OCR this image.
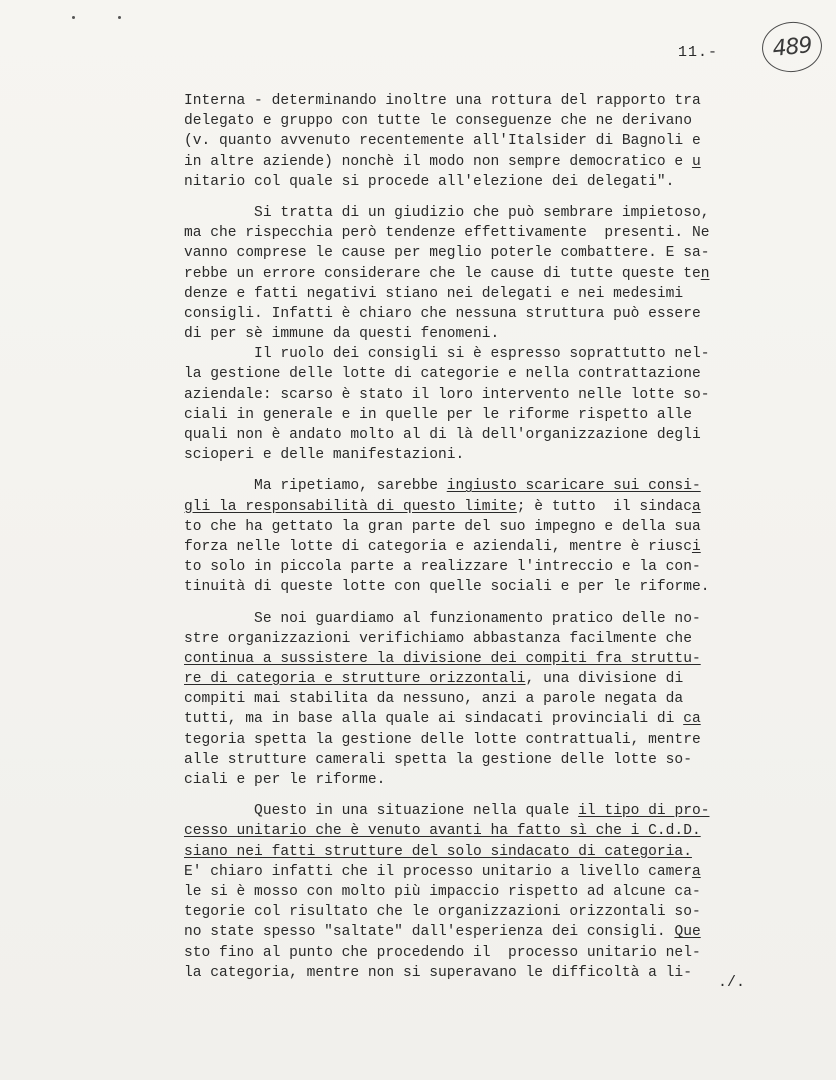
11.- 489
Interna - determinando inoltre una rottura del rapporto tra
delegato e gruppo con tutte le conseguenze che ne derivano
(v. quanto avvenuto recentemente all'Italsider di Bagnoli e
in altre aziende) nonchè il modo non sempre democratico e u
nitario col quale si procede all'elezione dei delegati".
Si tratta di un giudizio che può sembrare impietoso,
ma che rispecchia però tendenze effettivamente  presenti. Ne
vanno comprese le cause per meglio poterle combattere. E sa-
rebbe un errore considerare che le cause di tutte queste ten
denze e fatti negativi stiano nei delegati e nei medesimi
consigli. Infatti è chiaro che nessuna struttura può essere
di per sè immune da questi fenomeni.
Il ruolo dei consigli si è espresso soprattutto nel-
la gestione delle lotte di categorie e nella contrattazione
aziendale: scarso è stato il loro intervento nelle lotte so-
ciali in generale e in quelle per le riforme rispetto alle
quali non è andato molto al di là dell'organizzazione degli
scioperi e delle manifestazioni.
Ma ripetiamo, sarebbe ingiusto scaricare sui consi-
gli la responsabilità di questo limite; è tutto  il sindaca
to che ha gettato la gran parte del suo impegno e della sua
forza nelle lotte di categoria e aziendali, mentre è riusci
to solo in piccola parte a realizzare l'intreccio e la con-
tinuità di queste lotte con quelle sociali e per le riforme.
Se noi guardiamo al funzionamento pratico delle no-
stre organizzazioni verifichiamo abbastanza facilmente che
continua a sussistere la divisione dei compiti fra struttu-
re di categoria e strutture orizzontali, una divisione di
compiti mai stabilita da nessuno, anzi a parole negata da
tutti, ma in base alla quale ai sindacati provinciali di ca
tegoria spetta la gestione delle lotte contrattuali, mentre
alle strutture camerali spetta la gestione delle lotte so-
ciali e per le riforme.
Questo in una situazione nella quale il tipo di pro-
cesso unitario che è venuto avanti ha fatto sì che i C.d.D.
siano nei fatti strutture del solo sindacato di categoria.
E' chiaro infatti che il processo unitario a livello camera
le si è mosso con molto più impaccio rispetto ad alcune ca-
tegorie col risultato che le organizzazioni orizzontali so-
no state spesso "saltate" dall'esperienza dei consigli. Que
sto fino al punto che procedendo il  processo unitario nel-
la categoria, mentre non si superavano le difficoltà a li-
./.
